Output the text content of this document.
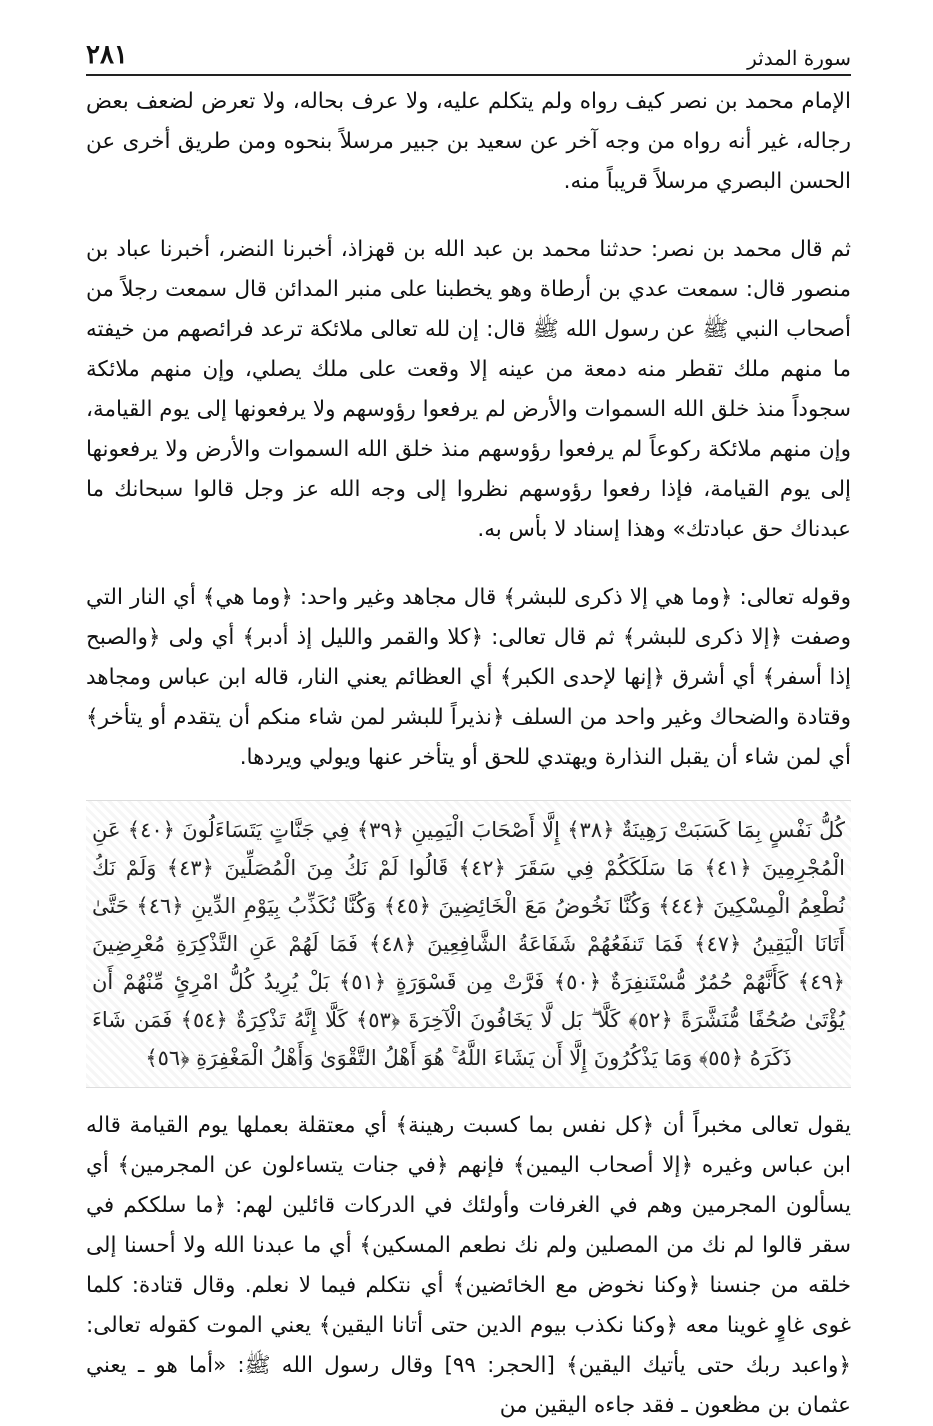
سورة المدثر
٢٨١

الإمام محمد بن نصر كيف رواه ولم يتكلم عليه، ولا عرف بحاله، ولا تعرض لضعف بعض رجاله، غير أنه رواه من وجه آخر عن سعيد بن جبير مرسلاً بنحوه ومن طريق أخرى عن الحسن البصري مرسلاً قريباً منه.

ثم قال محمد بن نصر: حدثنا محمد بن عبد الله بن قهزاذ، أخبرنا النضر، أخبرنا عباد بن منصور قال: سمعت عدي بن أرطاة وهو يخطبنا على منبر المدائن قال سمعت رجلاً من أصحاب النبي ﷺ عن رسول الله ﷺ قال: إن لله تعالى ملائكة ترعد فرائصهم من خيفته ما منهم ملك تقطر منه دمعة من عينه إلا وقعت على ملك يصلي، وإن منهم ملائكة سجوداً منذ خلق الله السموات والأرض لم يرفعوا رؤوسهم ولا يرفعونها إلى يوم القيامة، وإن منهم ملائكة ركوعاً لم يرفعوا رؤوسهم منذ خلق الله السموات والأرض ولا يرفعونها إلى يوم القيامة، فإذا رفعوا رؤوسهم نظروا إلى وجه الله عز وجل قالوا سبحانك ما عبدناك حق عبادتك» وهذا إسناد لا بأس به.

وقوله تعالى: ﴿وما هي إلا ذكرى للبشر﴾ قال مجاهد وغير واحد: ﴿وما هي﴾ أي النار التي وصفت ﴿إلا ذكرى للبشر﴾ ثم قال تعالى: ﴿كلا والقمر والليل إذ أدبر﴾ أي ولى ﴿والصبح إذا أسفر﴾ أي أشرق ﴿إنها لإحدى الكبر﴾ أي العظائم يعني النار، قاله ابن عباس ومجاهد وقتادة والضحاك وغير واحد من السلف ﴿نذيراً للبشر لمن شاء منكم أن يتقدم أو يتأخر﴾ أي لمن شاء أن يقبل النذارة ويهتدي للحق أو يتأخر عنها ويولي ويردها.

كُلُّ نَفْسٍ بِمَا كَسَبَتْ رَهِينَةٌ ﴿٣٨﴾ إِلَّا أَصْحَابَ الْيَمِينِ ﴿٣٩﴾ فِي جَنَّاتٍ يَتَسَاءَلُونَ ﴿٤٠﴾ عَنِ الْمُجْرِمِينَ ﴿٤١﴾ مَا سَلَكَكُمْ فِي سَقَرَ ﴿٤٢﴾ قَالُوا لَمْ نَكُ مِنَ الْمُصَلِّينَ ﴿٤٣﴾ وَلَمْ نَكُ نُطْعِمُ الْمِسْكِينَ ﴿٤٤﴾ وَكُنَّا نَخُوضُ مَعَ الْخَائِضِينَ ﴿٤٥﴾ وَكُنَّا نُكَذِّبُ بِيَوْمِ الدِّينِ ﴿٤٦﴾ حَتَّىٰ أَتَانَا الْيَقِينُ ﴿٤٧﴾ فَمَا تَنفَعُهُمْ شَفَاعَةُ الشَّافِعِينَ ﴿٤٨﴾ فَمَا لَهُمْ عَنِ التَّذْكِرَةِ مُعْرِضِينَ ﴿٤٩﴾ كَأَنَّهُمْ حُمُرٌ مُّسْتَنفِرَةٌ ﴿٥٠﴾ فَرَّتْ مِن قَسْوَرَةٍ ﴿٥١﴾ بَلْ يُرِيدُ كُلُّ امْرِئٍ مِّنْهُمْ أَن يُؤْتَىٰ صُحُفًا مُّنَشَّرَةً ﴿٥٢﴾ كَلَّا ۖ بَل لَّا يَخَافُونَ الْآخِرَةَ ﴿٥٣﴾ كَلَّا إِنَّهُ تَذْكِرَةٌ ﴿٥٤﴾ فَمَن شَاءَ ذَكَرَهُ ﴿٥٥﴾ وَمَا يَذْكُرُونَ إِلَّا أَن يَشَاءَ اللَّهُ ۚ هُوَ أَهْلُ التَّقْوَىٰ وَأَهْلُ الْمَغْفِرَةِ ﴿٥٦﴾

يقول تعالى مخبراً أن ﴿كل نفس بما كسبت رهينة﴾ أي معتقلة بعملها يوم القيامة قاله ابن عباس وغيره ﴿إلا أصحاب اليمين﴾ فإنهم ﴿في جنات يتساءلون عن المجرمين﴾ أي يسألون المجرمين وهم في الغرفات وأولئك في الدركات قائلين لهم: ﴿ما سلككم في سقر قالوا لم نك من المصلين ولم نك نطعم المسكين﴾ أي ما عبدنا الله ولا أحسنا إلى خلقه من جنسنا ﴿وكنا نخوض مع الخائضين﴾ أي نتكلم فيما لا نعلم. وقال قتادة: كلما غوى غاوٍ غوينا معه ﴿وكنا نكذب بيوم الدين حتى أتانا اليقين﴾ يعني الموت كقوله تعالى: ﴿واعبد ربك حتى يأتيك اليقين﴾ [الحجر: ٩٩] وقال رسول الله ﷺ: «أما هو ـ يعني عثمان بن مظعون ـ فقد جاءه اليقين من
